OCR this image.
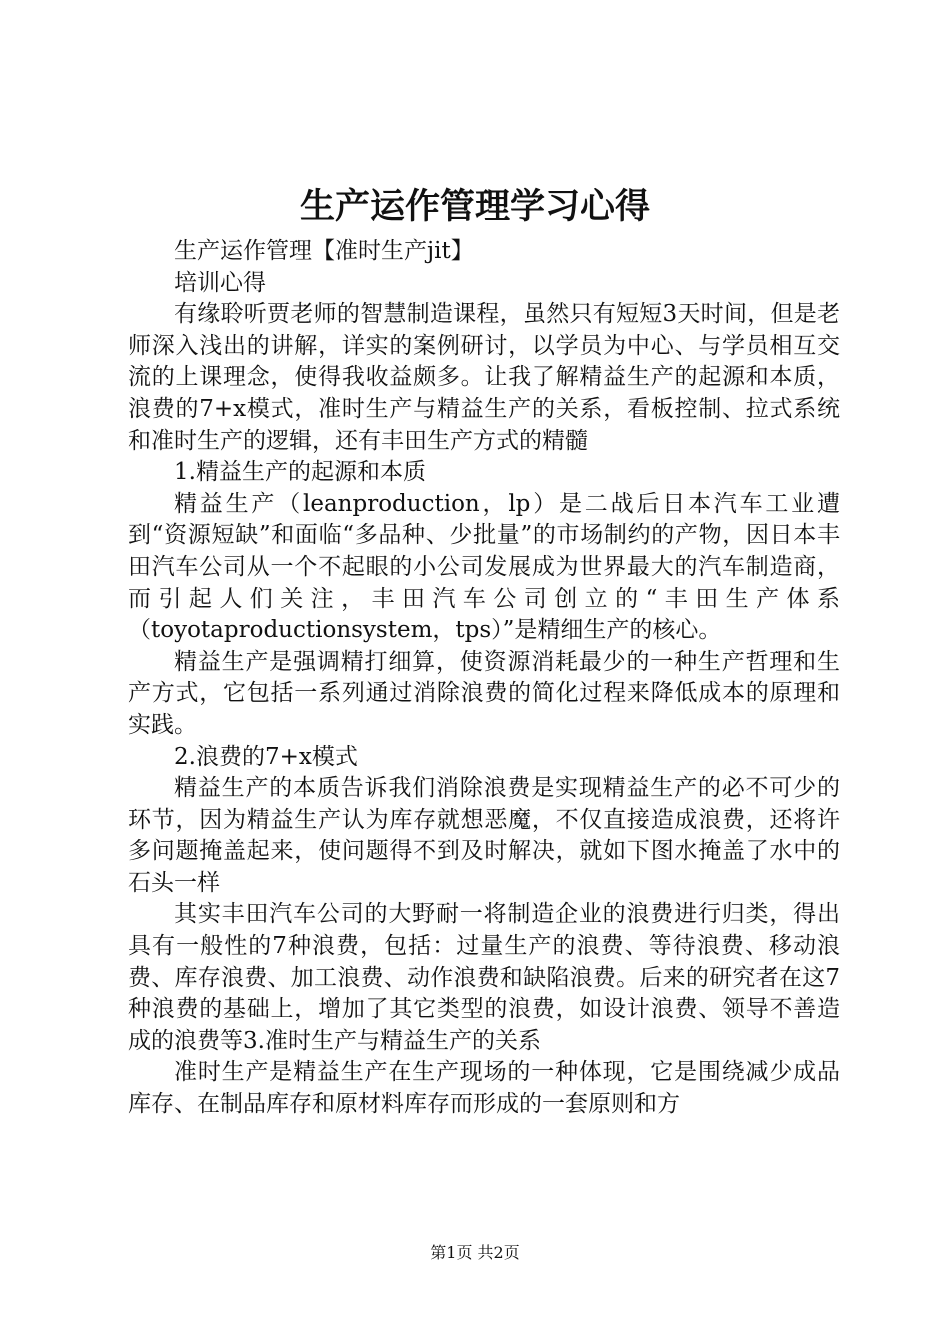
生产运作管理学习心得

生产运作管理【准时生产jit】

培训心得

有缘聆听贾老师的智慧制造课程，虽然只有短短3天时间，但是老师深入浅出的讲解，详实的案例研讨，以学员为中心、与学员相互交流的上课理念，使得我收益颇多。让我了解精益生产的起源和本质，浪费的7+x模式，准时生产与精益生产的关系，看板控制、拉式系统和准时生产的逻辑，还有丰田生产方式的精髓

1.精益生产的起源和本质

精益生产（leanproduction，lp）是二战后日本汽车工业遭到“资源短缺”和面临“多品种、少批量”的市场制约的产物，因日本丰田汽车公司从一个不起眼的小公司发展成为世界最大的汽车制造商，而引起人们关注，丰田汽车公司创立的“丰田生产体系（toyotaproductionsystem，tps）”是精细生产的核心。

精益生产是强调精打细算，使资源消耗最少的一种生产哲理和生产方式，它包括一系列通过消除浪费的简化过程来降低成本的原理和实践。

2.浪费的7+x模式

精益生产的本质告诉我们消除浪费是实现精益生产的必不可少的环节，因为精益生产认为库存就想恶魔，不仅直接造成浪费，还将许多问题掩盖起来，使问题得不到及时解决，就如下图水掩盖了水中的石头一样

其实丰田汽车公司的大野耐一将制造企业的浪费进行归类，得出具有一般性的7种浪费，包括：过量生产的浪费、等待浪费、移动浪费、库存浪费、加工浪费、动作浪费和缺陷浪费。后来的研究者在这7种浪费的基础上，增加了其它类型的浪费，如设计浪费、领导不善造成的浪费等3.准时生产与精益生产的关系

准时生产是精益生产在生产现场的一种体现，它是围绕减少成品库存、在制品库存和原材料库存而形成的一套原则和方

第1页 共2页
